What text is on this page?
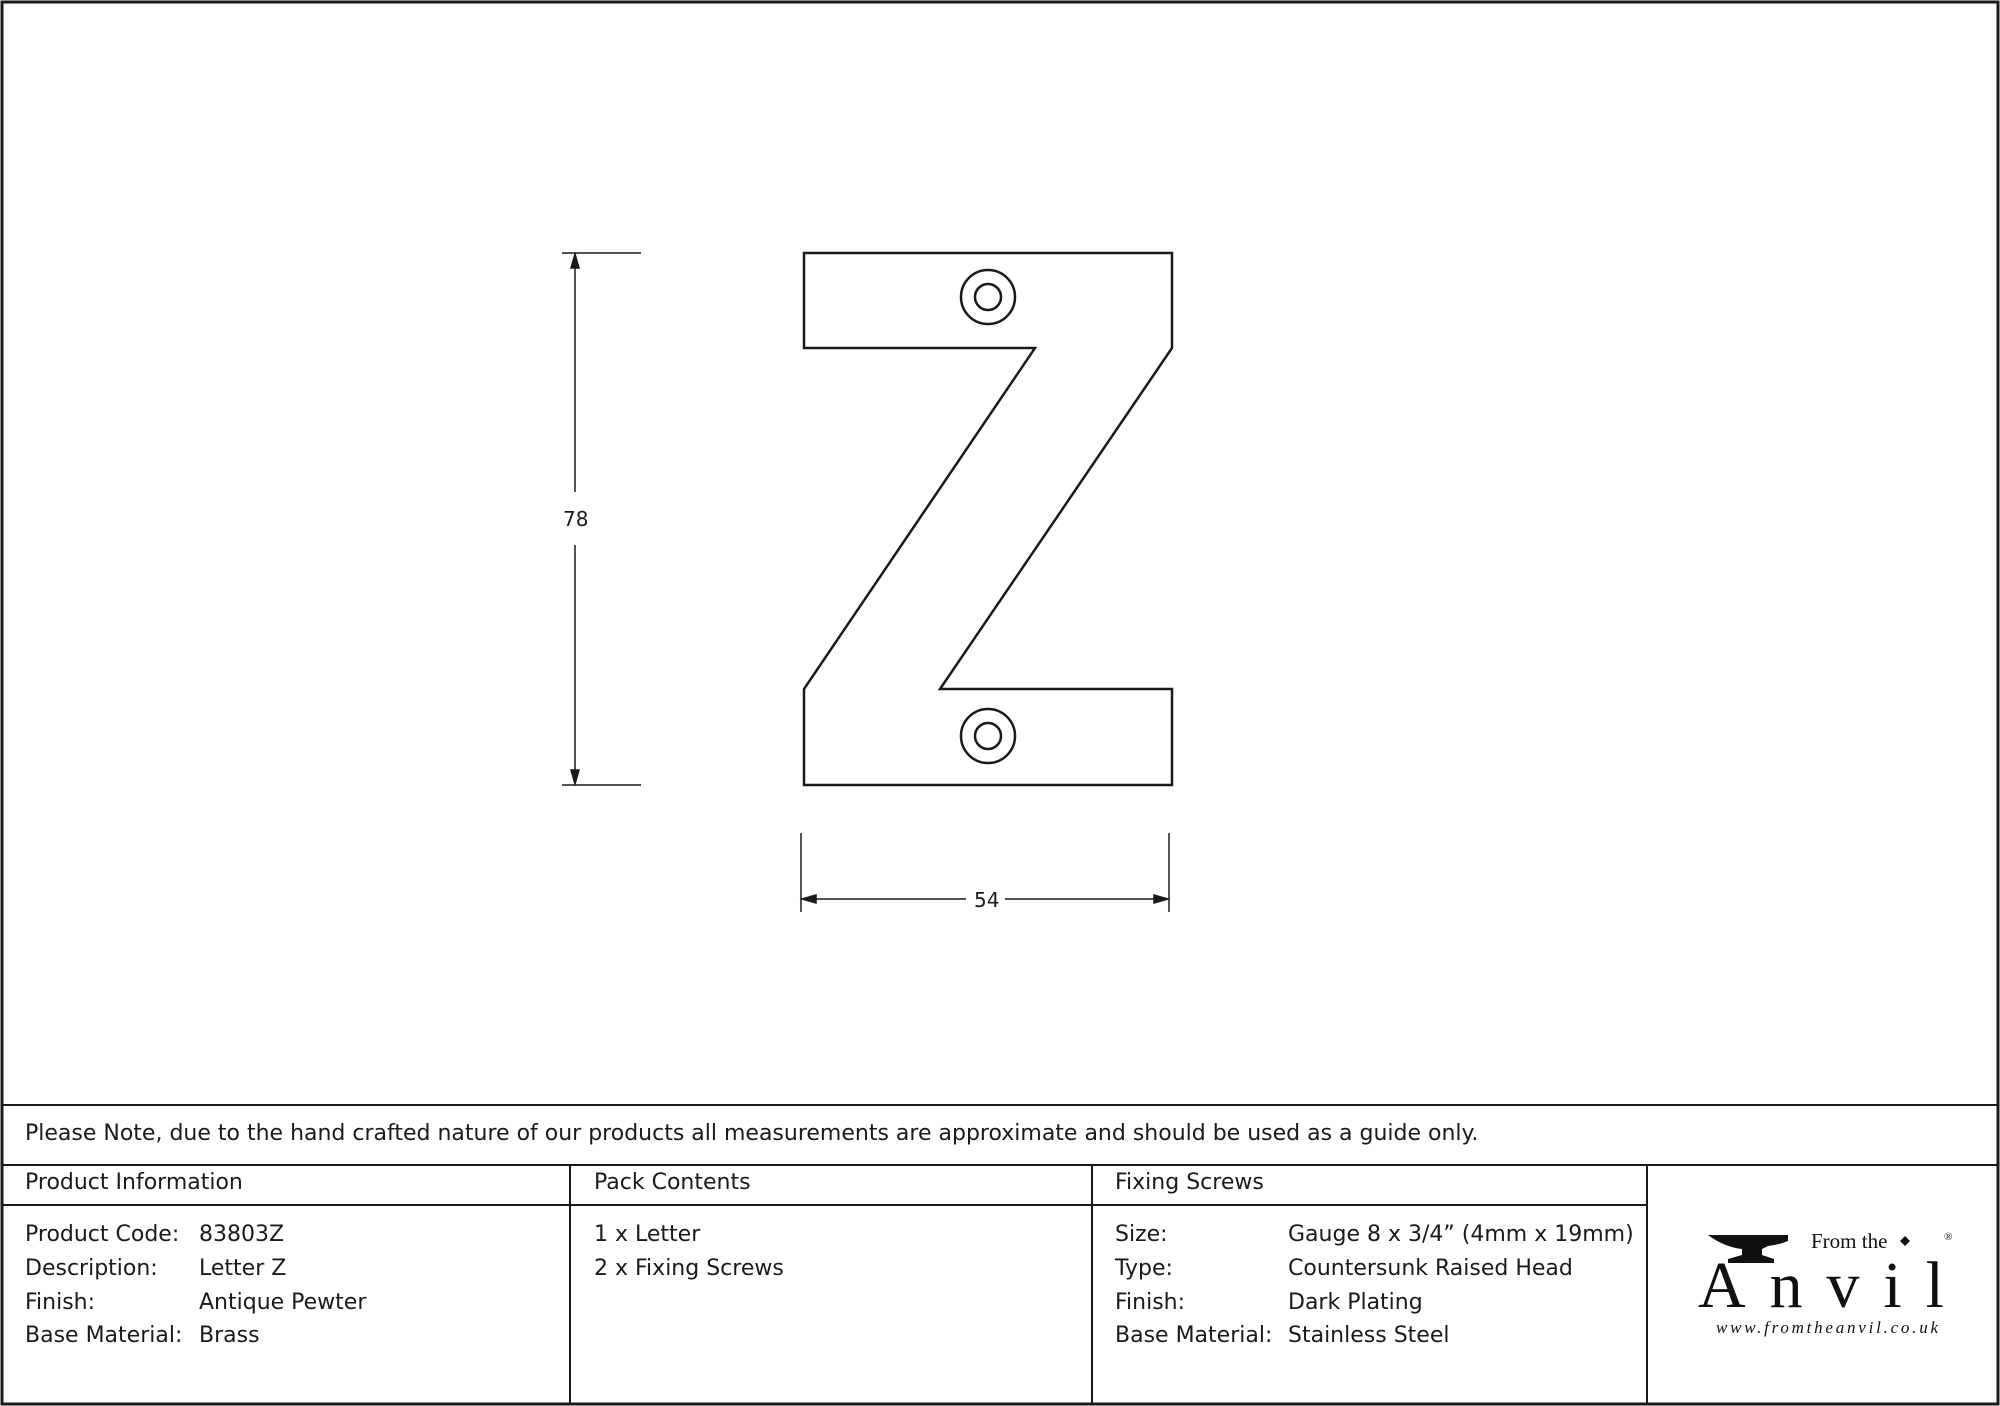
78
54
Please Note, due to the hand crafted nature of our products all measurements are approximate and should be used as a guide only.
Product Information
Product Code: 83803Z
Description: Letter Z
Finish:	Antique Pewter
Base Material: Brass
Pack Contents
1 x Letter
2 x Fixing Screws
Fixing Screws
Size:	Gauge 8 x 3/4” (4mm x 19mm)
Type:	Countersunk Raised Head
Finish:	Dark Plating
Base Material: Stainless Steel
From the	®
Anvil
www.fromtheanvil.co.uk
